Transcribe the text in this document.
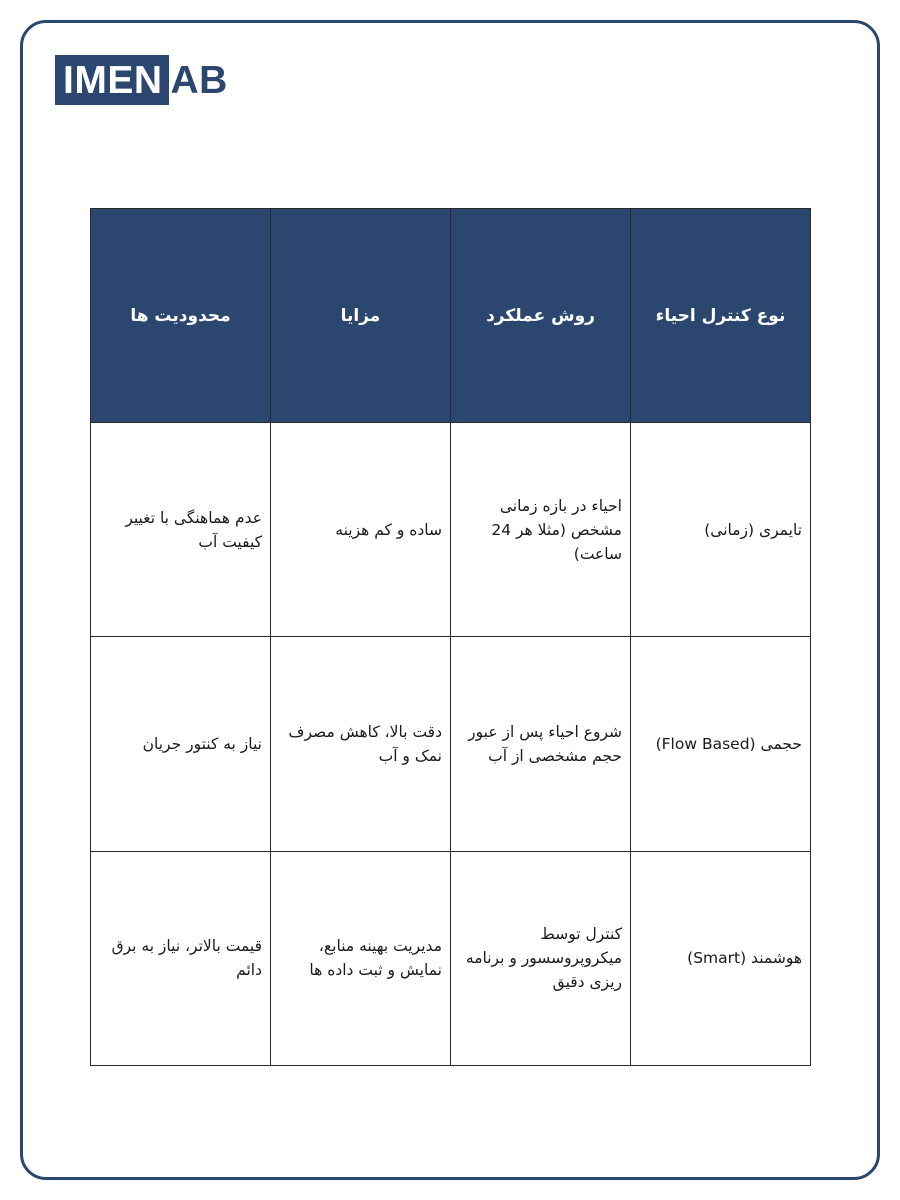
IMEN AB
نوع کنترل احیاء	روش عملکرد	مزایا	محدودیت ها
تایمری (زمانی)	احیاء در بازه زمانی مشخص (مثلا هر 24 ساعت)	ساده و کم هزینه	عدم هماهنگی با تغییر کیفیت آب
حجمی (Flow Based)	شروع احیاء پس از عبور حجم مشخصی از آب	دقت بالا، کاهش مصرف نمک و آب	نیاز به کنتور جریان
هوشمند (Smart)	کنترل توسط میکروپروسسور و برنامه ریزی دقیق	مدیریت بهینه منابع، نمایش و ثبت داده ها	قیمت بالاتر، نیاز به برق دائم
